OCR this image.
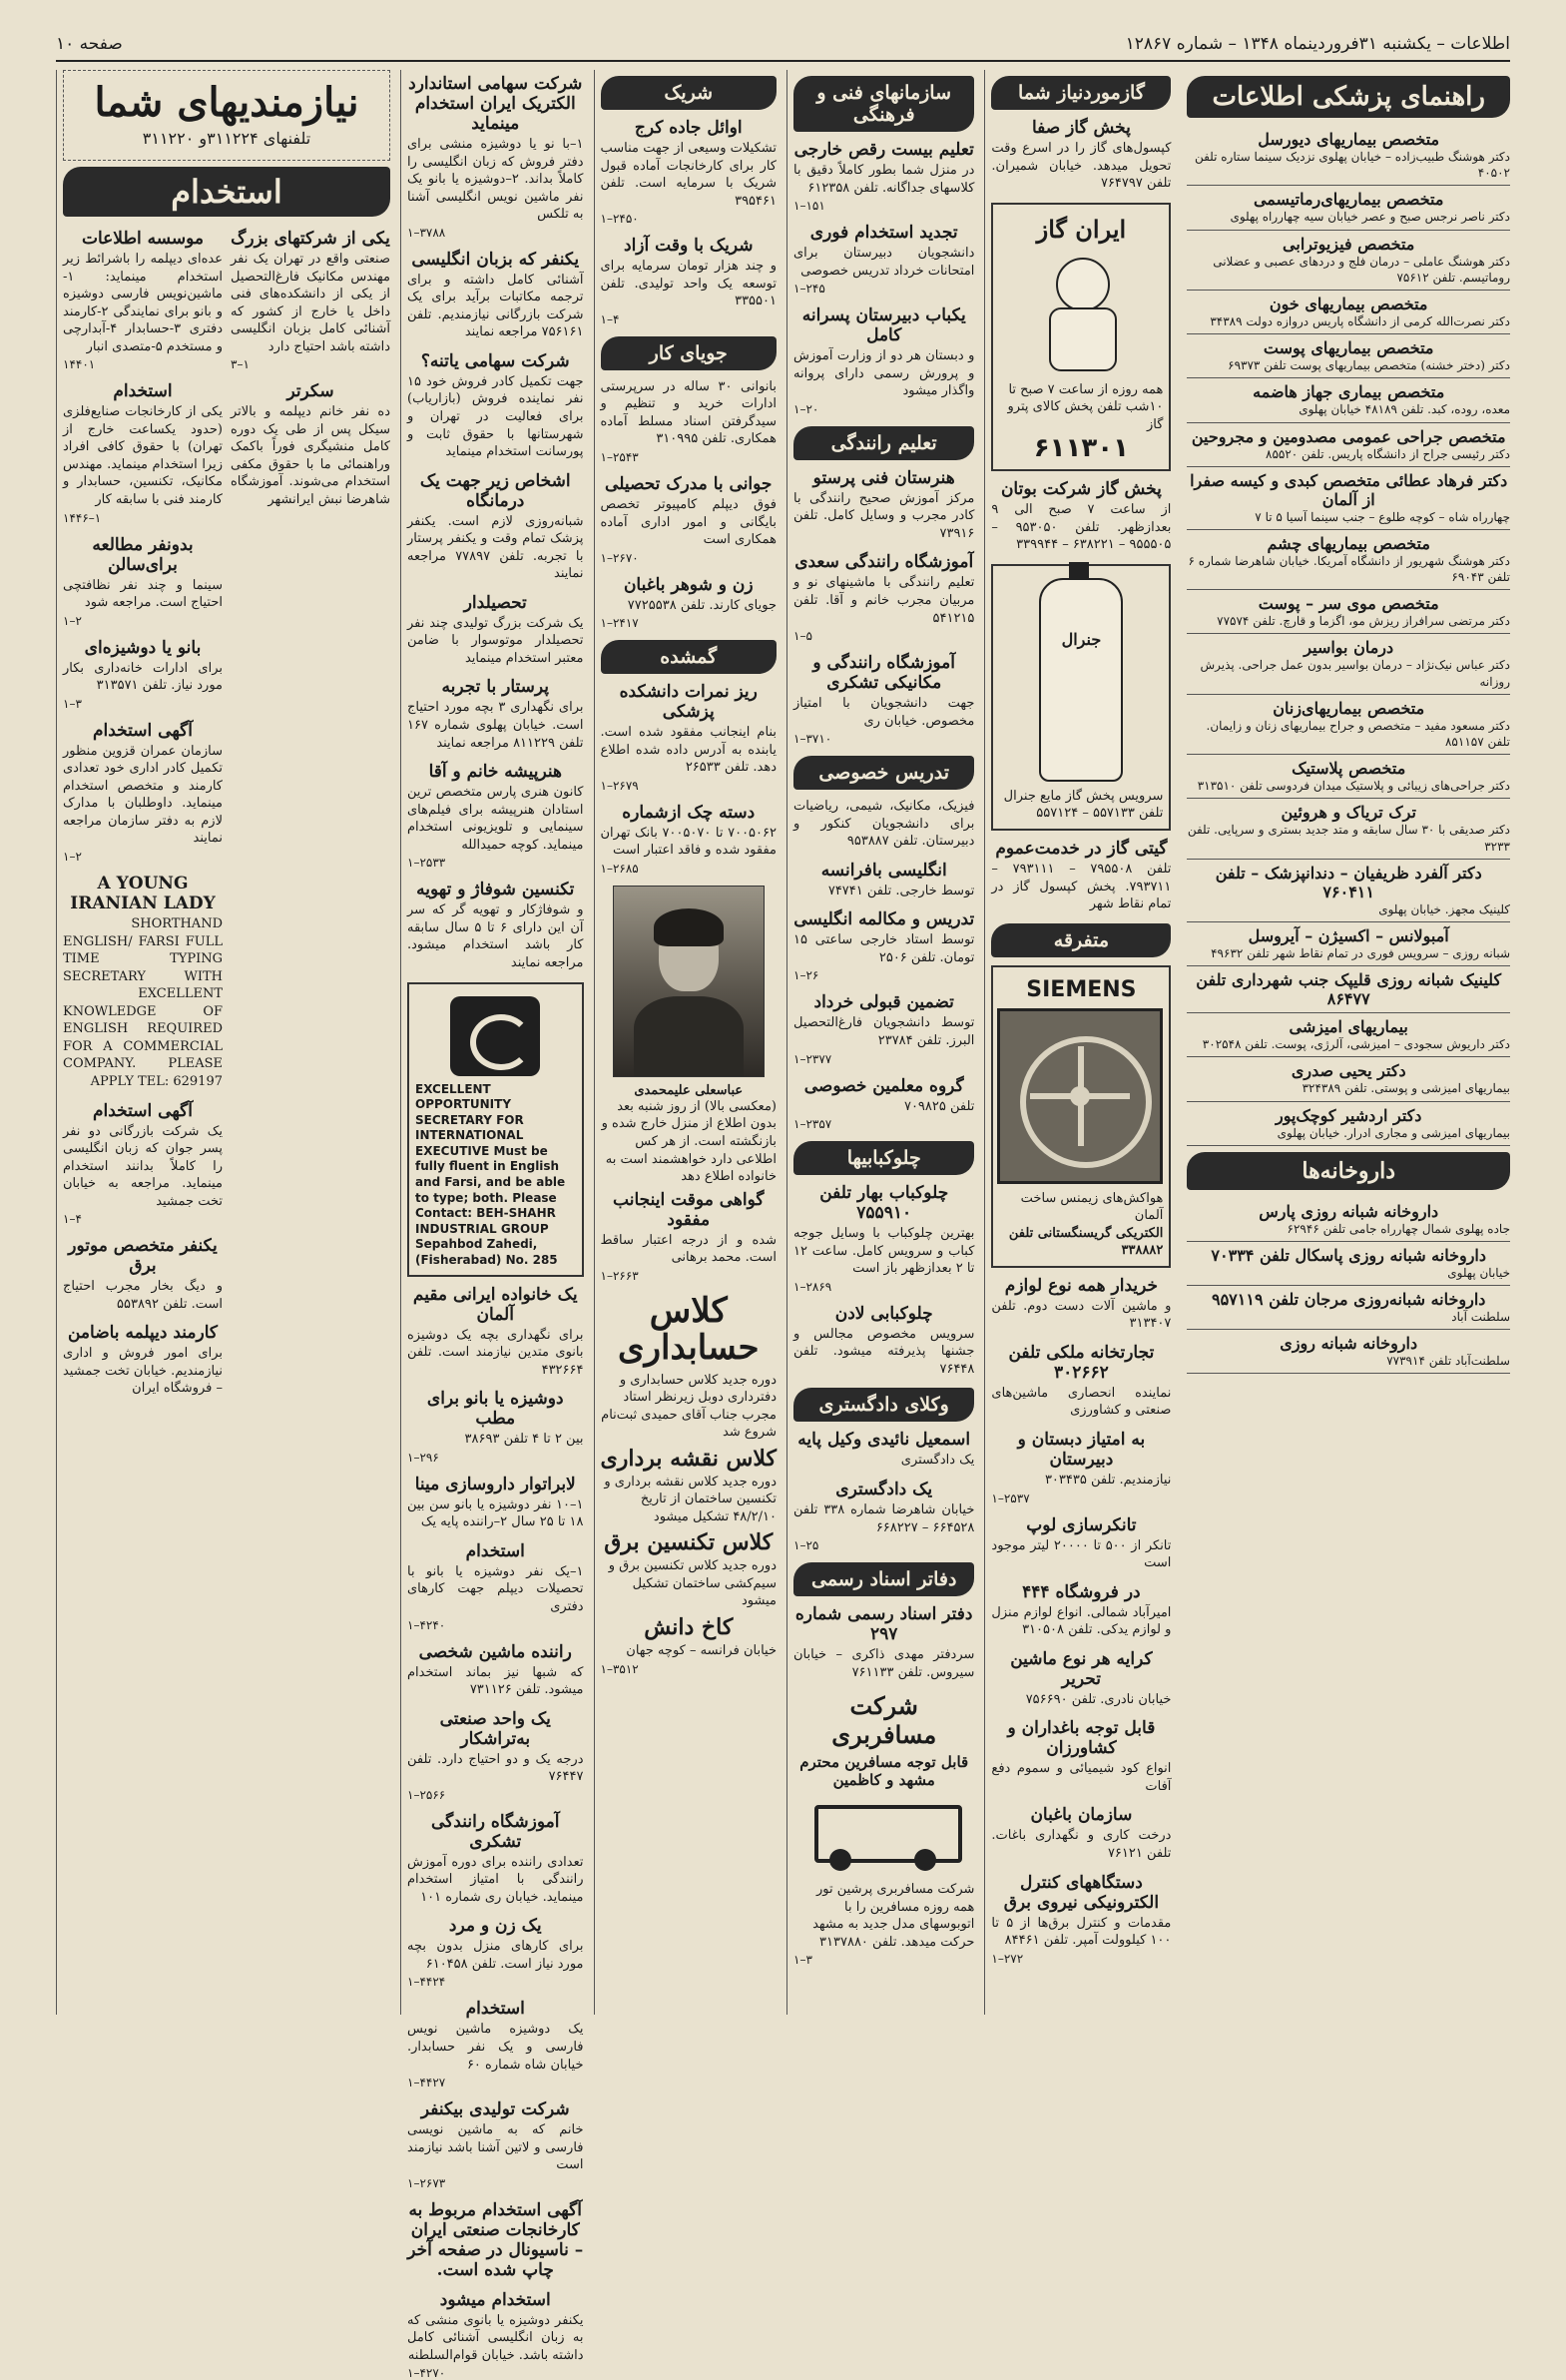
صفحه ۱۰	اطلاعات – یکشنبه ۳۱فروردینماه ۱۳۴۸ – شماره ۱۲۸۶۷
نیازمندیهای شما
تلفنهای ۳۱۱۲۲۴و ۳۱۱۲۲۰
استخدام
یکی از شرکتهای بزرگ
صنعتی واقع در تهران یک نفر مهندس مکانیک فارغ‌التحصیل از یکی از دانشکده‌های فنی داخل یا خارج از کشور که آشنائی کامل بزبان انگلیسی داشته باشد احتیاج دارد
۳–۱
سکرتر
ده نفر خانم دیپلمه و بالاتر سیکل پس از طی یک دوره کامل منشیگری فوراً باکمک وراهنمائی ما با حقوق مکفی استخدام می‌شوند. آموزشگاه شاهرضا نبش ایرانشهر
موسسه اطلاعات
عده‌ای دیپلمه را باشرائط زیر استخدام مینماید: ۱-ماشین‌نویس فارسی دوشیزه و بانو برای نمایندگی ۲-کارمند دفتری ۳-حسابدار ۴-آبدارچی و مستخدم ۵-متصدی انبار
۱۴۴۰۱
استخدام
یکی از کارخانجات صنایع‌فلزی (حدود یکساعت خارج از تهران) با حقوق کافی افراد زیرا استخدام مینماید. مهندس مکانیک، تکنسین، حسابدار و کارمند فنی با سابقه کار
۱۴۴۶–۱
بدونفر مطالعه برای‌سالن
سینما و چند نفر نظافتچی احتیاج است. مراجعه شود
۱–۲
بانو یا دوشیزه‌ای
برای ادارات خانه‌داری بکار مورد نیاز. تلفن ۳۱۳۵۷۱
۱–۳
آگهی استخدام
سازمان عمران قزوین منظور تکمیل کادر اداری خود تعدادی کارمند و متخصص استخدام مینماید. داوطلبان با مدارک لازم به دفتر سازمان مراجعه نمایند
۱–۲
A YOUNG IRANIAN LADY
SHORTHAND ENGLISH/ FARSI FULL TIME TYPING SECRETARY WITH EXCELLENT KNOWLEDGE OF ENGLISH REQUIRED FOR A COMMERCIAL COMPANY. PLEASE APPLY TEL: 629197
آگهی استخدام
یک شرکت بازرگانی دو نفر پسر جوان که زبان انگلیسی را کاملاً بدانند استخدام مینماید. مراجعه به خیابان تخت جمشید
۱–۴
یکنفر متخصص موتور برق
و دیگ بخار مجرب احتیاج است. تلفن ۵۵۳۸۹۲
کارمند دیپلمه باضامن
برای امور فروش و اداری نیازمندیم. خیابان تخت جمشید – فروشگاه ایران
شرکت سهامی استاندارد الکتریک ایران استخدام مینماید
۱–با نو یا دوشیزه منشی برای دفتر فروش که زبان انگلیسی را کاملاً بداند. ۲–دوشیزه یا بانو یک نفر ماشین نویس انگلیسی آشنا به تلکس
۱–۳۷۸۸
یکنفر که بزبان انگلیسی
آشنائی کامل داشته و برای ترجمه مکاتبات برآید برای یک شرکت بازرگانی نیازمندیم. تلفن ۷۵۶۱۶۱ مراجعه نمایند
شرکت سهامی یاتنه؟
جهت تکمیل کادر فروش خود ۱۵ نفر نماینده فروش (بازاریاب) برای فعالیت در تهران و شهرستانها با حقوق ثابت و پورسانت استخدام مینماید
اشخاص زیر جهت یک درمانگاه
شبانه‌روزی لازم است. یکنفر پزشک تمام وقت و یکنفر پرستار با تجربه. تلفن ۷۷۸۹۷ مراجعه نمایند
تحصیلدار
یک شرکت بزرگ تولیدی چند نفر تحصیلدار موتوسوار با ضامن معتبر استخدام مینماید
پرستار با تجربه
برای نگهداری ۳ بچه مورد احتیاج است. خیابان پهلوی شماره ۱۶۷ تلفن ۸۱۱۲۲۹ مراجعه نمایند
هنرپیشه خانم و آقا
کانون هنری پارس متخصص ترین استادان هنرپیشه برای فیلم‌های سینمایی و تلویزیونی استخدام مینماید. کوچه حمیدالله
۱–۲۵۳۳
تکنسین شوفاژ و تهویه
و شوفاژکار و تهویه گر که سر آن این دارای ۶ تا ۵ سال سابقه کار باشد استخدام میشود. مراجعه نمایند
EXCELLENT OPPORTUNITY SECRETARY FOR INTERNATIONAL EXECUTIVE Must be fully fluent in English and Farsi, and be able to type; both. Please Contact: BEH-SHAHR INDUSTRIAL GROUP Sepahbod Zahedi, (Fisherabad) No. 285
یک خانواده ایرانی مقیم آلمان
برای نگهداری بچه یک دوشیزه بانوی متدین نیازمند است. تلفن ۴۳۲۶۶۴
دوشیزه یا بانو برای مطب
بین ۲ تا ۴ تلفن ۳۸۶۹۳
۱–۲۹۶
لابراتوار داروسازی مینا
۱–۱۰ نفر دوشیزه یا بانو سن بین ۱۸ تا ۲۵ سال ۲–راننده پایه یک
استخدام
۱–یک نفر دوشیزه یا بانو با تحصیلات دیپلم جهت کارهای دفتری
۱–۴۲۴۰
راننده ماشین شخصی
که شبها نیز بماند استخدام میشود. تلفن ۷۳۱۱۲۶
یک واحد صنعتی به‌تراشکار
درجه یک و دو احتیاج دارد. تلفن ۷۶۴۴۷
۱–۲۵۶۶
آموزشگاه رانندگی تشکری
تعدادی راننده برای دوره آموزش رانندگی با امتیاز استخدام مینماید. خیابان ری شماره ۱۰۱
یک زن و مرد
برای کارهای منزل بدون بچه مورد نیاز است. تلفن ۶۱۰۴۵۸
۱–۴۴۲۴
استخدام
یک دوشیزه ماشین نویس فارسی و یک نفر حسابدار. خیابان شاه شماره ۶۰
۱–۴۴۲۷
شرکت تولیدی بیکنفر
خانم که به ماشین نویسی فارسی و لاتین آشنا باشد نیازمند است
۱–۲۶۷۳
آگهی استخدام مربوط به کارخانجات صنعتی ایران – ناسیونال در صفحه آخر چاپ شده است.
استخدام میشود
یکنفر دوشیزه یا بانوی منشی که به زبان انگلیسی آشنائی کامل داشته باشد. خیابان قوام‌السلطنه
۱–۴۲۷۰
شریک
اوائل جاده کرج
تشکیلات وسیعی از جهت مناسب کار برای کارخانجات آماده قبول شریک با سرمایه است. تلفن ۳۹۵۴۶۱
۱–۲۴۵۰
شریک با وقت آزاد
و چند هزار تومان سرمایه برای توسعه یک واحد تولیدی. تلفن ۳۳۵۵۰۱
۱–۴
جویای کار
بانوانی ۳۰ ساله در سرپرستی ادارات خرید و تنظیم و سیدگرفتن اسناد مسلط آماده همکاری. تلفن ۳۱۰۹۹۵
۱–۲۵۴۳
جوانی با مدرک تحصیلی
فوق دیپلم کامپیوتر تخصص بایگانی و امور اداری آماده همکاری است
۱–۲۶۷۰
زن و شوهر باغبان
جویای کارند. تلفن ۷۷۲۵۵۳۸
۱–۲۴۱۷
گمشده
ریز نمرات دانشکده پزشکی
بنام اینجانب مفقود شده است. یابنده به آدرس داده شده اطلاع دهد. تلفن ۲۶۵۳۳
۱–۲۶۷۹
دسته چک ازشماره
۷۰۰۵۰۶۲ تا ۷۰۰۵۰۷۰ بانک تهران مفقود شده و فاقد اعتبار است
۱–۲۶۸۵
عباسعلی علیمحمدی
(معکسی بالا) از روز شنبه بعد بدون اطلاع از منزل خارج شده و بازنگشته است. از هر کس اطلاعی دارد خواهشمند است به خانواده اطلاع دهد
گواهی موقت اینجانب مفقود
شده و از درجه اعتبار ساقط است. محمد برهانی
۱–۲۶۶۳
کلاس حسابداری
دوره جدید کلاس حسابداری و دفترداری دوبل زیرنظر استاد مجرب جناب آقای حمیدی ثبت‌نام شروع شد
کلاس نقشه برداری
دوره جدید کلاس نقشه برداری و تکنسین ساختمان از تاریخ ۴۸/۲/۱۰ تشکیل میشود
کلاس تکنسین برق
دوره جدید کلاس تکنسین برق و سیم‌کشی ساختمان تشکیل میشود
کاخ دانش
خیابان فرانسه – کوچه جهان
۱–۳۵۱۲
سازمانهای فنی و فرهنگی
تعلیم بیست رقص خارجی
در منزل شما بطور کاملاً دقیق با کلاسهای جداگانه. تلفن ۶۱۲۳۵۸
۱–۱۵۱
تجدید استخدام فوری
دانشجویان دبیرستان برای امتحانات خرداد تدریس خصوصی
۱–۲۴۵
یکباب دبیرستان پسرانه کامل
و دبستان هر دو از وزارت آموزش و پرورش رسمی دارای پروانه واگذار میشود
۱–۲۰
تعلیم رانندگی
هنرستان فنی پرستو
مرکز آموزش صحیح رانندگی با کادر مجرب و وسایل کامل. تلفن ۷۳۹۱۶
آموزشگاه رانندگی سعدی
تعلیم رانندگی با ماشینهای نو و مربیان مجرب خانم و آقا. تلفن ۵۴۱۲۱۵
۱–۵
آموزشگاه رانندگی و مکانیکی تشکری
جهت دانشجویان با امتیاز مخصوص. خیابان ری
۱–۳۷۱۰
تدریس خصوصی
فیزیک، مکانیک، شیمی، ریاضیات برای دانشجویان کنکور و دبیرستان. تلفن ۹۵۳۸۸۷
انگلیسی بافرانسه
توسط خارجی. تلفن ۷۴۷۴۱
تدریس و مکالمه انگلیسی
توسط استاد خارجی ساعتی ۱۵ تومان. تلفن ۲۵۰۶
۱–۲۶
تضمین قبولی خرداد
توسط دانشجویان فارغ‌التحصیل البرز. تلفن ۲۳۷۸۴
۱–۲۳۷۷
گروه معلمین خصوصی
تلفن ۷۰۹۸۲۵
۱–۲۳۵۷
چلوکبابیها
چلوکباب بهار تلفن ۷۵۵۹۱۰
بهترین چلوکباب با وسایل جوجه کباب و سرویس کامل. ساعت ۱۲ تا ۲ بعدازظهر باز است
۱–۲۸۶۹
چلوکبابی لادن
سرویس مخصوص مجالس و جشنها پذیرفته میشود. تلفن ۷۶۴۴۸
وکلای دادگستری
اسمعیل نائیدی وکیل پایه
یک دادگستری
یک دادگستری
خیابان شاهرضا شماره ۳۳۸ تلفن ۶۶۴۵۲۸ – ۶۶۸۲۲۷
۱–۲۵
دفاتر اسناد رسمی
دفتر اسناد رسمی شماره ۲۹۷
سردفتر مهدی ذاکری – خیابان سیروس. تلفن ۷۶۱۱۳۳
شرکت مسافربری
قابل توجه مسافرین محترم مشهد و کاظمین
شرکت مسافربری پرشین تور همه روزه مسافرین را با اتوبوسهای مدل جدید به مشهد حرکت میدهد. تلفن ۳۱۳۷۸۸۰
۱–۳
گازموردنیاز شما
پخش گاز صفا
کپسول‌های گاز را در اسرع وقت تحویل میدهد. خیابان شمیران. تلفن ۷۶۴۷۹۷
ایران گاز
همه روزه از ساعت ۷ صبح تا ۱۰شب تلفن پخش کالای پترو گاز
۶۱۱۳۰۱
پخش گاز شرکت بوتان
از ساعت ۷ صبح الی ۹ بعدازظهر. تلفن ۹۵۳۰۵۰ – ۹۵۵۵۰۵ – ۶۳۸۲۲۱ – ۳۳۹۹۴۴
جنرال
سرویس پخش گاز مایع جنرال تلفن ۵۵۷۱۳۳ – ۵۵۷۱۲۴
گیتی گاز در خدمت‌عموم
تلفن ۷۹۵۵۰۸ – ۷۹۳۱۱۱ – ۷۹۳۷۱۱. پخش کپسول گاز در تمام نقاط شهر
متفرقه
SIEMENS
هواکش‌های زیمنس ساخت آلمان
الکتریکی گریسنگستانی تلفن ۳۳۸۸۸۲
خریدار همه نوع لوازم
و ماشین آلات دست دوم. تلفن ۳۱۳۴۰۷
تجارتخانه ملکی تلفن ۳۰۲۶۶۲
نماینده انحصاری ماشین‌های صنعتی و کشاورزی
به امتیاز دبستان و دبیرستان
نیازمندیم. تلفن ۳۰۳۴۳۵
۱–۲۵۳۷
تانکرسازی لوپ
تانکر از ۵۰۰ تا ۲۰۰۰۰ لیتر موجود است
در فروشگاه ۴۴۴
امیرآباد شمالی. انواع لوازم منزل و لوازم یدکی. تلفن ۳۱۰۵۰۸
کرایه هر نوع ماشین تحریر
خیابان نادری. تلفن ۷۵۶۶۹۰
قابل توجه باغداران و کشاورزان
انواع کود شیمیائی و سموم دفع آفات
سازمان باغبان
درخت کاری و نگهداری باغات. تلفن ۷۶۱۲۱
دستگاههای کنترل الکترونیکی نیروی برق
مقدمات و کنترل برق‌ها از ۵ تا ۱۰۰ کیلوولت آمپر. تلفن ۸۴۴۶۱
۱–۲۷۲
راهنمای پزشکی اطلاعات
متخصص بیماریهای دیورسل
دکتر هوشنگ طبیب‌زاده – خیابان پهلوی نزدیک سینما ستاره تلفن ۴۰۵۰۲
متخصص بیماریهای‌رماتیسمی
دکتر ناصر نرجس صبح و عصر خیابان سیه چهارراه پهلوی
متخصص فیزیوترابی
دکتر هوشنگ عاملی – درمان فلج و دردهای عصبی و عضلانی روماتیسم. تلفن ۷۵۶۱۲
متخصص بیماریهای خون
دکتر نصرت‌الله کرمی از دانشگاه پاریس دروازه دولت ۳۴۳۸۹
متخصص بیماریهای پوست
دکتر (دختر خشنه) متخصص بیماریهای پوست تلفن ۶۹۳۷۳
متخصص بیماری جهاز هاضمه
معده، روده، کبد. تلفن ۴۸۱۸۹ خیابان پهلوی
متخصص جراحی عمومی مصدومین و مجروحین
دکتر رئیسی جراح از دانشگاه پاریس. تلفن ۸۵۵۲۰
دکتر فرهاد عطائی متخصص کبدی و کیسه صفرا از آلمان
چهارراه شاه – کوچه طلوع – جنب سینما آسیا ۵ تا ۷
متخصص بیماریهای چشم
دکتر هوشنگ شهریور از دانشگاه آمریکا. خیابان شاهرضا شماره ۶ تلفن ۶۹۰۴۳
متخصص موی سر – پوست
دکتر مرتضی‌ سرافراز ریزش مو، اگزما و قارچ. تلفن ۷۷۵۷۴
درمان بواسیر
دکتر عباس نیک‌نژاد – درمان بواسیر بدون عمل جراحی. پذیرش روزانه
متخصص بیماریهای‌زنان
دکتر مسعود مفید – متخصص و جراح بیماریهای زنان و زایمان. تلفن ۸۵۱۱۵۷
متخصص پلاستیک
دکتر جراحی‌های زیبائی و پلاستیک میدان فردوسی تلفن ۳۱۳۵۱۰
ترک تریاک و هروئین
دکتر صدیقی با ۳۰ سال سابقه و متد جدید بستری و سرپایی. تلفن ۳۲۳۳
دکتر آلفرد ظریفیان – دندانپزشک – تلفن ۷۶۰۴۱۱
کلینیک مجهز. خیابان پهلوی
آمبولانس – اکسیژن – آیروسل
شبانه روزی – سرویس فوری در تمام نقاط شهر تلفن ۴۹۶۳۲
کلینیک شبانه روزی قلیپک جنب شهرداری تلفن ۸۶۴۷۷
بیماریهای امیزشی
دکتر داریوش سجودی – امیزشی، آلرژی، پوست. تلفن ۳۰۲۵۴۸
دکتر یحیی صدری
بیماریهای امیزشی و پوستی. تلفن ۳۲۴۳۸۹
دکتر اردشیر کوچک‌پور
بیماریهای امیزشی و مجاری ادرار. خیابان پهلوی
داروخانه‌ها
داروخانه شبانه روزی پارس
جاده پهلوی شمال چهارراه جامی تلفن ۶۲۹۴۶
داروخانه شبانه روزی پاسکال تلفن ۷۰۳۳۴
خیابان پهلوی
داروخانه شبانه‌روزی مرجان تلفن ۹۵۷۱۱۹
سلطنت آباد
داروخانه شبانه روزی
سلطنت‌آباد تلفن ۷۷۳۹۱۴
